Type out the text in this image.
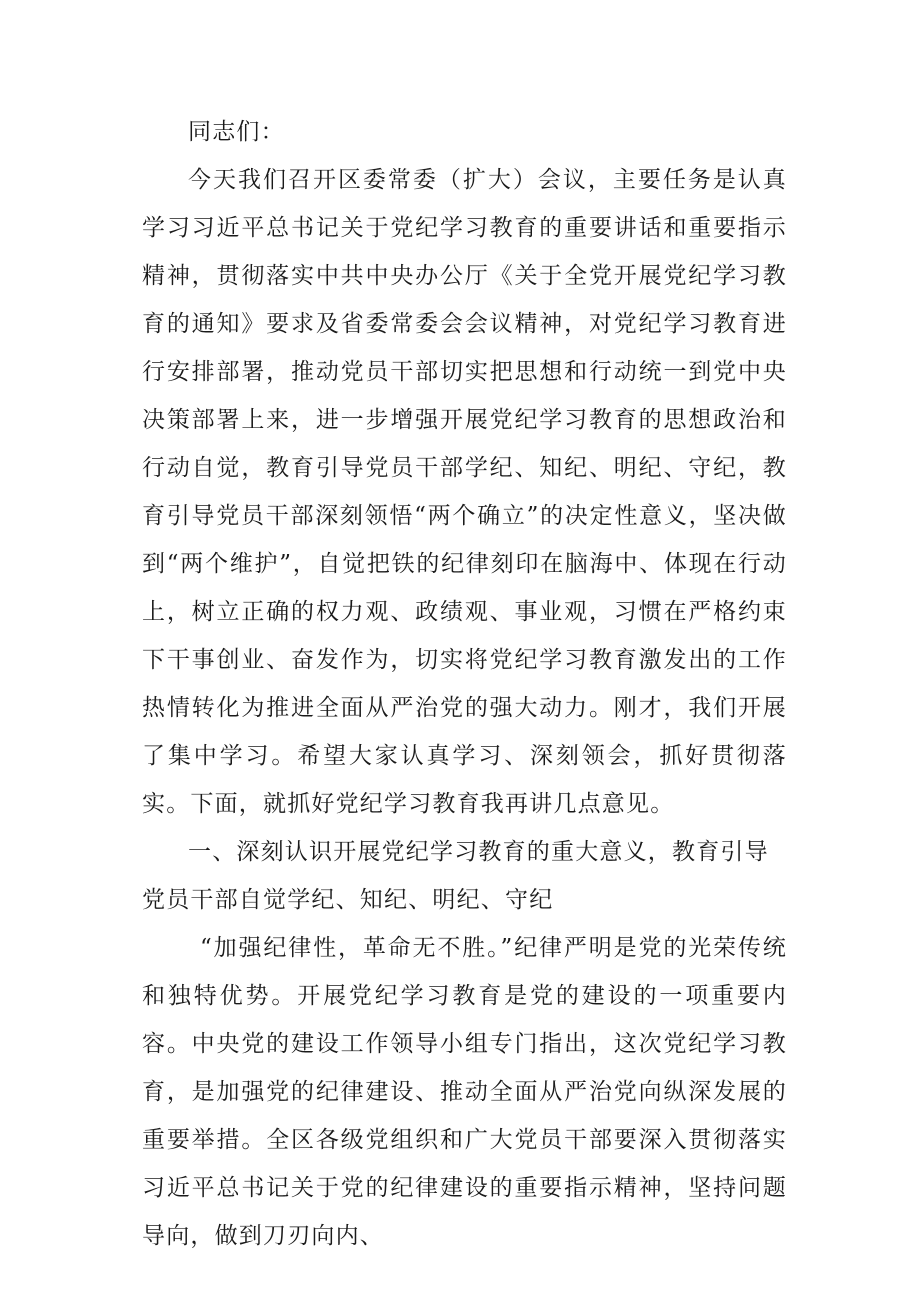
同志们：

今天我们召开区委常委（扩大）会议，主要任务是认真学习习近平总书记关于党纪学习教育的重要讲话和重要指示精神，贯彻落实中共中央办公厅《关于全党开展党纪学习教育的通知》要求及省委常委会会议精神，对党纪学习教育进行安排部署，推动党员干部切实把思想和行动统一到党中央决策部署上来，进一步增强开展党纪学习教育的思想政治和行动自觉，教育引导党员干部学纪、知纪、明纪、守纪，教育引导党员干部深刻领悟“两个确立”的决定性意义，坚决做到“两个维护”，自觉把铁的纪律刻印在脑海中、体现在行动上，树立正确的权力观、政绩观、事业观，习惯在严格约束下干事创业、奋发作为，切实将党纪学习教育激发出的工作热情转化为推进全面从严治党的强大动力。刚才，我们开展了集中学习。希望大家认真学习、深刻领会，抓好贯彻落实。下面，就抓好党纪学习教育我再讲几点意见。

一、深刻认识开展党纪学习教育的重大意义，教育引导党员干部自觉学纪、知纪、明纪、守纪

“加强纪律性，革命无不胜。”纪律严明是党的光荣传统和独特优势。开展党纪学习教育是党的建设的一项重要内容。中央党的建设工作领导小组专门指出，这次党纪学习教育，是加强党的纪律建设、推动全面从严治党向纵深发展的重要举措。全区各级党组织和广大党员干部要深入贯彻落实习近平总书记关于党的纪律建设的重要指示精神，坚持问题导向，做到刀刃向内、
